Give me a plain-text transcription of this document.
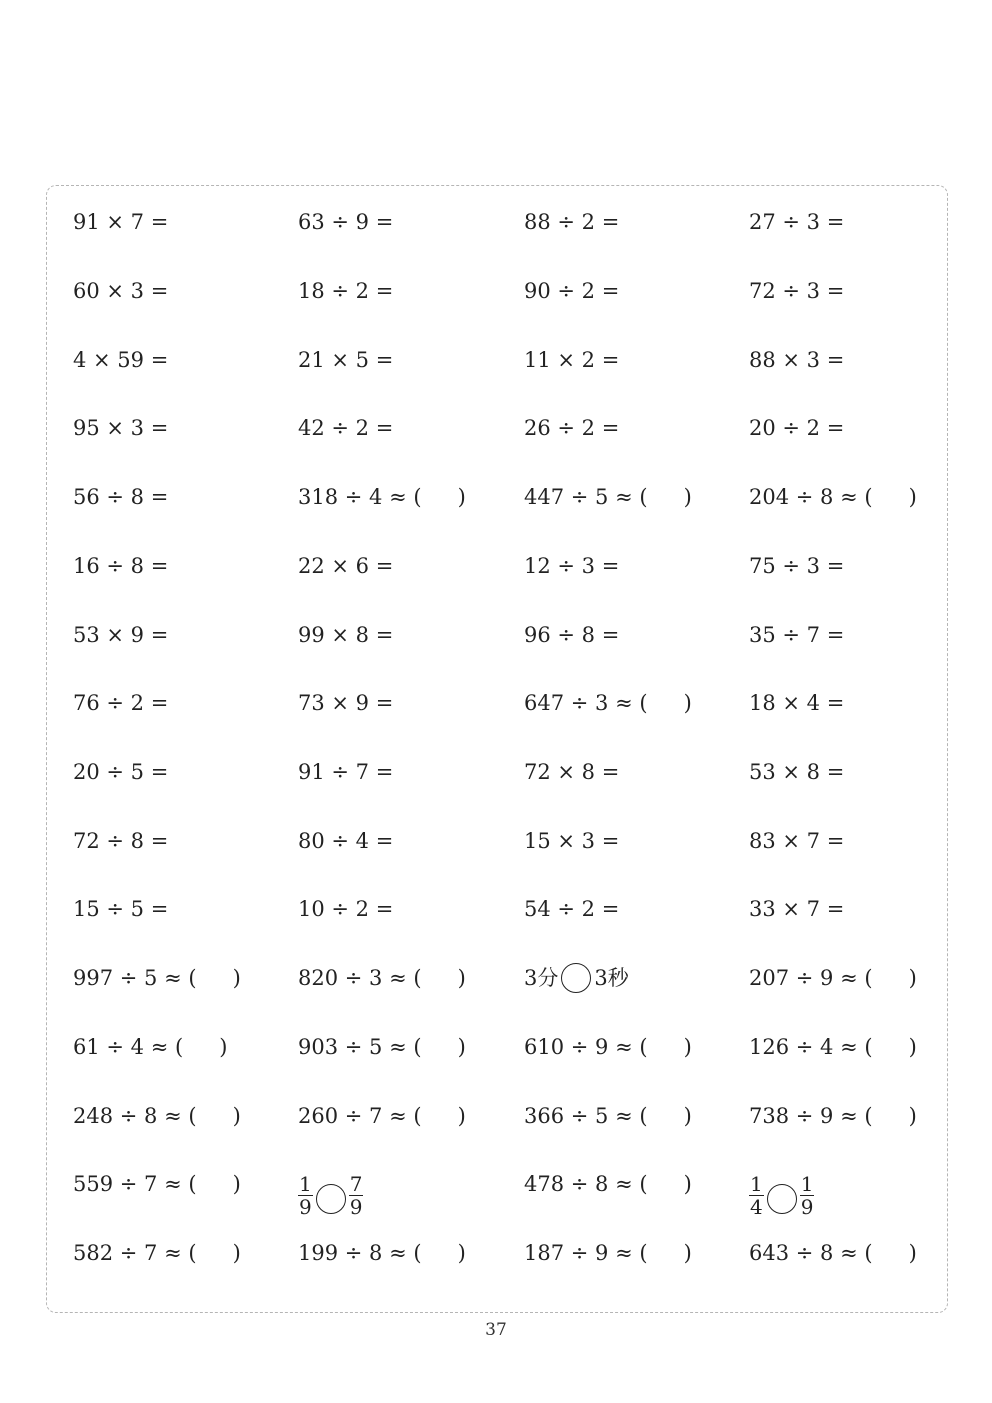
91 × 7 =	63 ÷ 9 =	88 ÷ 2 =	27 ÷ 3 =
60 × 3 =	18 ÷ 2 =	90 ÷ 2 =	72 ÷ 3 =
4 × 59 =	21 × 5 =	11 × 2 =	88 × 3 =
95 × 3 =	42 ÷ 2 =	26 ÷ 2 =	20 ÷ 2 =
56 ÷ 8 =	318 ÷ 4 ≈ ( )	447 ÷ 5 ≈ ( )	204 ÷ 8 ≈ ( )
16 ÷ 8 =	22 × 6 =	12 ÷ 3 =	75 ÷ 3 =
53 × 9 =	99 × 8 =	96 ÷ 8 =	35 ÷ 7 =
76 ÷ 2 =	73 × 9 =	647 ÷ 3 ≈ ( )	18 × 4 =
20 ÷ 5 =	91 ÷ 7 =	72 × 8 =	53 × 8 =
72 ÷ 8 =	80 ÷ 4 =	15 × 3 =	83 × 7 =
15 ÷ 5 =	10 ÷ 2 =	54 ÷ 2 =	33 × 7 =
997 ÷ 5 ≈ ( )	820 ÷ 3 ≈ ( )	3分 3秒	207 ÷ 9 ≈ ( )
61 ÷ 4 ≈ ( )	903 ÷ 5 ≈ ( )	610 ÷ 9 ≈ ( )	126 ÷ 4 ≈ ( )
248 ÷ 8 ≈ ( )	260 ÷ 7 ≈ ( )	366 ÷ 5 ≈ ( )	738 ÷ 9 ≈ ( )
559 ÷ 7 ≈ ( )	$\frac{1}{9} \frac{7}{9}$	478 ÷ 8 ≈ ( )	$\frac{1}{4} \frac{1}{9}$
582 ÷ 7 ≈ ( )	199 ÷ 8 ≈ ( )	187 ÷ 9 ≈ ( )	643 ÷ 8 ≈ ( )
37
